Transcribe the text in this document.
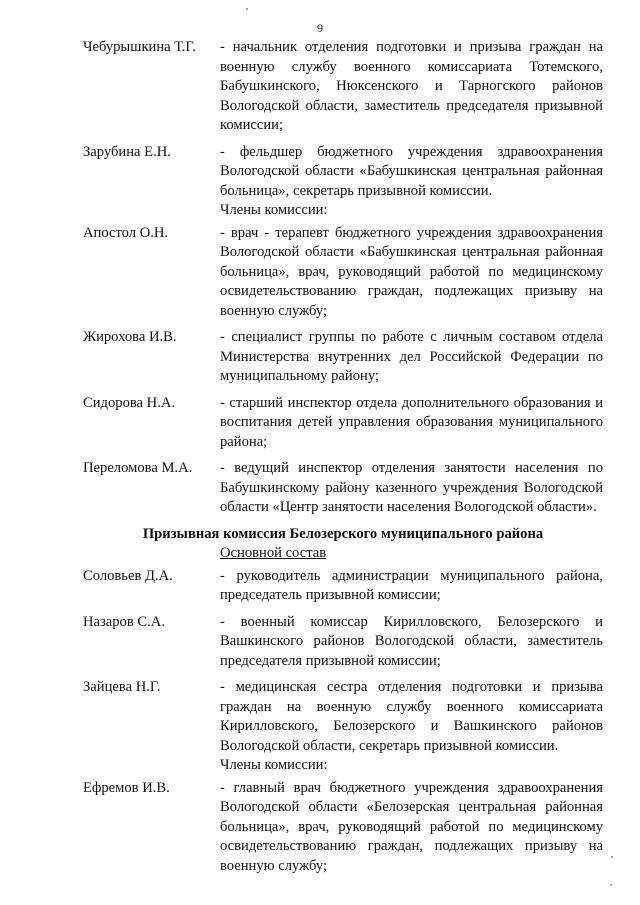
9
Чебурышкина Т.Г.	- начальник отделения подготовки и призыва граждан на военную службу военного комиссариата Тотемского, Бабушкинского, Нюксенского и Тарногского районов Вологодской области, заместитель председателя призывной комиссии;
Зарубина Е.Н.	- фельдшер бюджетного учреждения здравоохранения Вологодской области «Бабушкинская центральная районная больница», секретарь призывной комиссии.
Члены комиссии:
Апостол О.Н.	- врач - терапевт бюджетного учреждения здравоохранения Вологодской области «Бабушкинская центральная районная больница», врач, руководящий работой по медицинскому освидетельствованию граждан, подлежащих призыву на военную службу;
Жирохова И.В.	- специалист группы по работе с личным составом отдела Министерства внутренних дел Российской Федерации по муниципальному району;
Сидорова Н.А.	- старший инспектор отдела дополнительного образования и воспитания детей управления образования муниципального района;
Переломова М.А.	- ведущий инспектор отделения занятости населения по Бабушкинскому району казенного учреждения Вологодской области «Центр занятости населения Вологодской области».
Призывная комиссия Белозерского муниципального района
Основной состав
Соловьев Д.А.	- руководитель администрации муниципального района, председатель призывной комиссии;
Назаров С.А.	- военный комиссар Кирилловского, Белозерского и Вашкинского районов Вологодской области, заместитель председателя призывной комиссии;
Зайцева Н.Г.	- медицинская сестра отделения подготовки и призыва граждан на военную службу военного комиссариата Кирилловского, Белозерского и Вашкинского районов Вологодской области, секретарь призывной комиссии.
Члены комиссии:
Ефремов И.В.	- главный врач бюджетного учреждения здравоохранения Вологодской области «Белозерская центральная районная больница», врач, руководящий работой по медицинскому освидетельствованию граждан, подлежащих призыву на военную службу;
